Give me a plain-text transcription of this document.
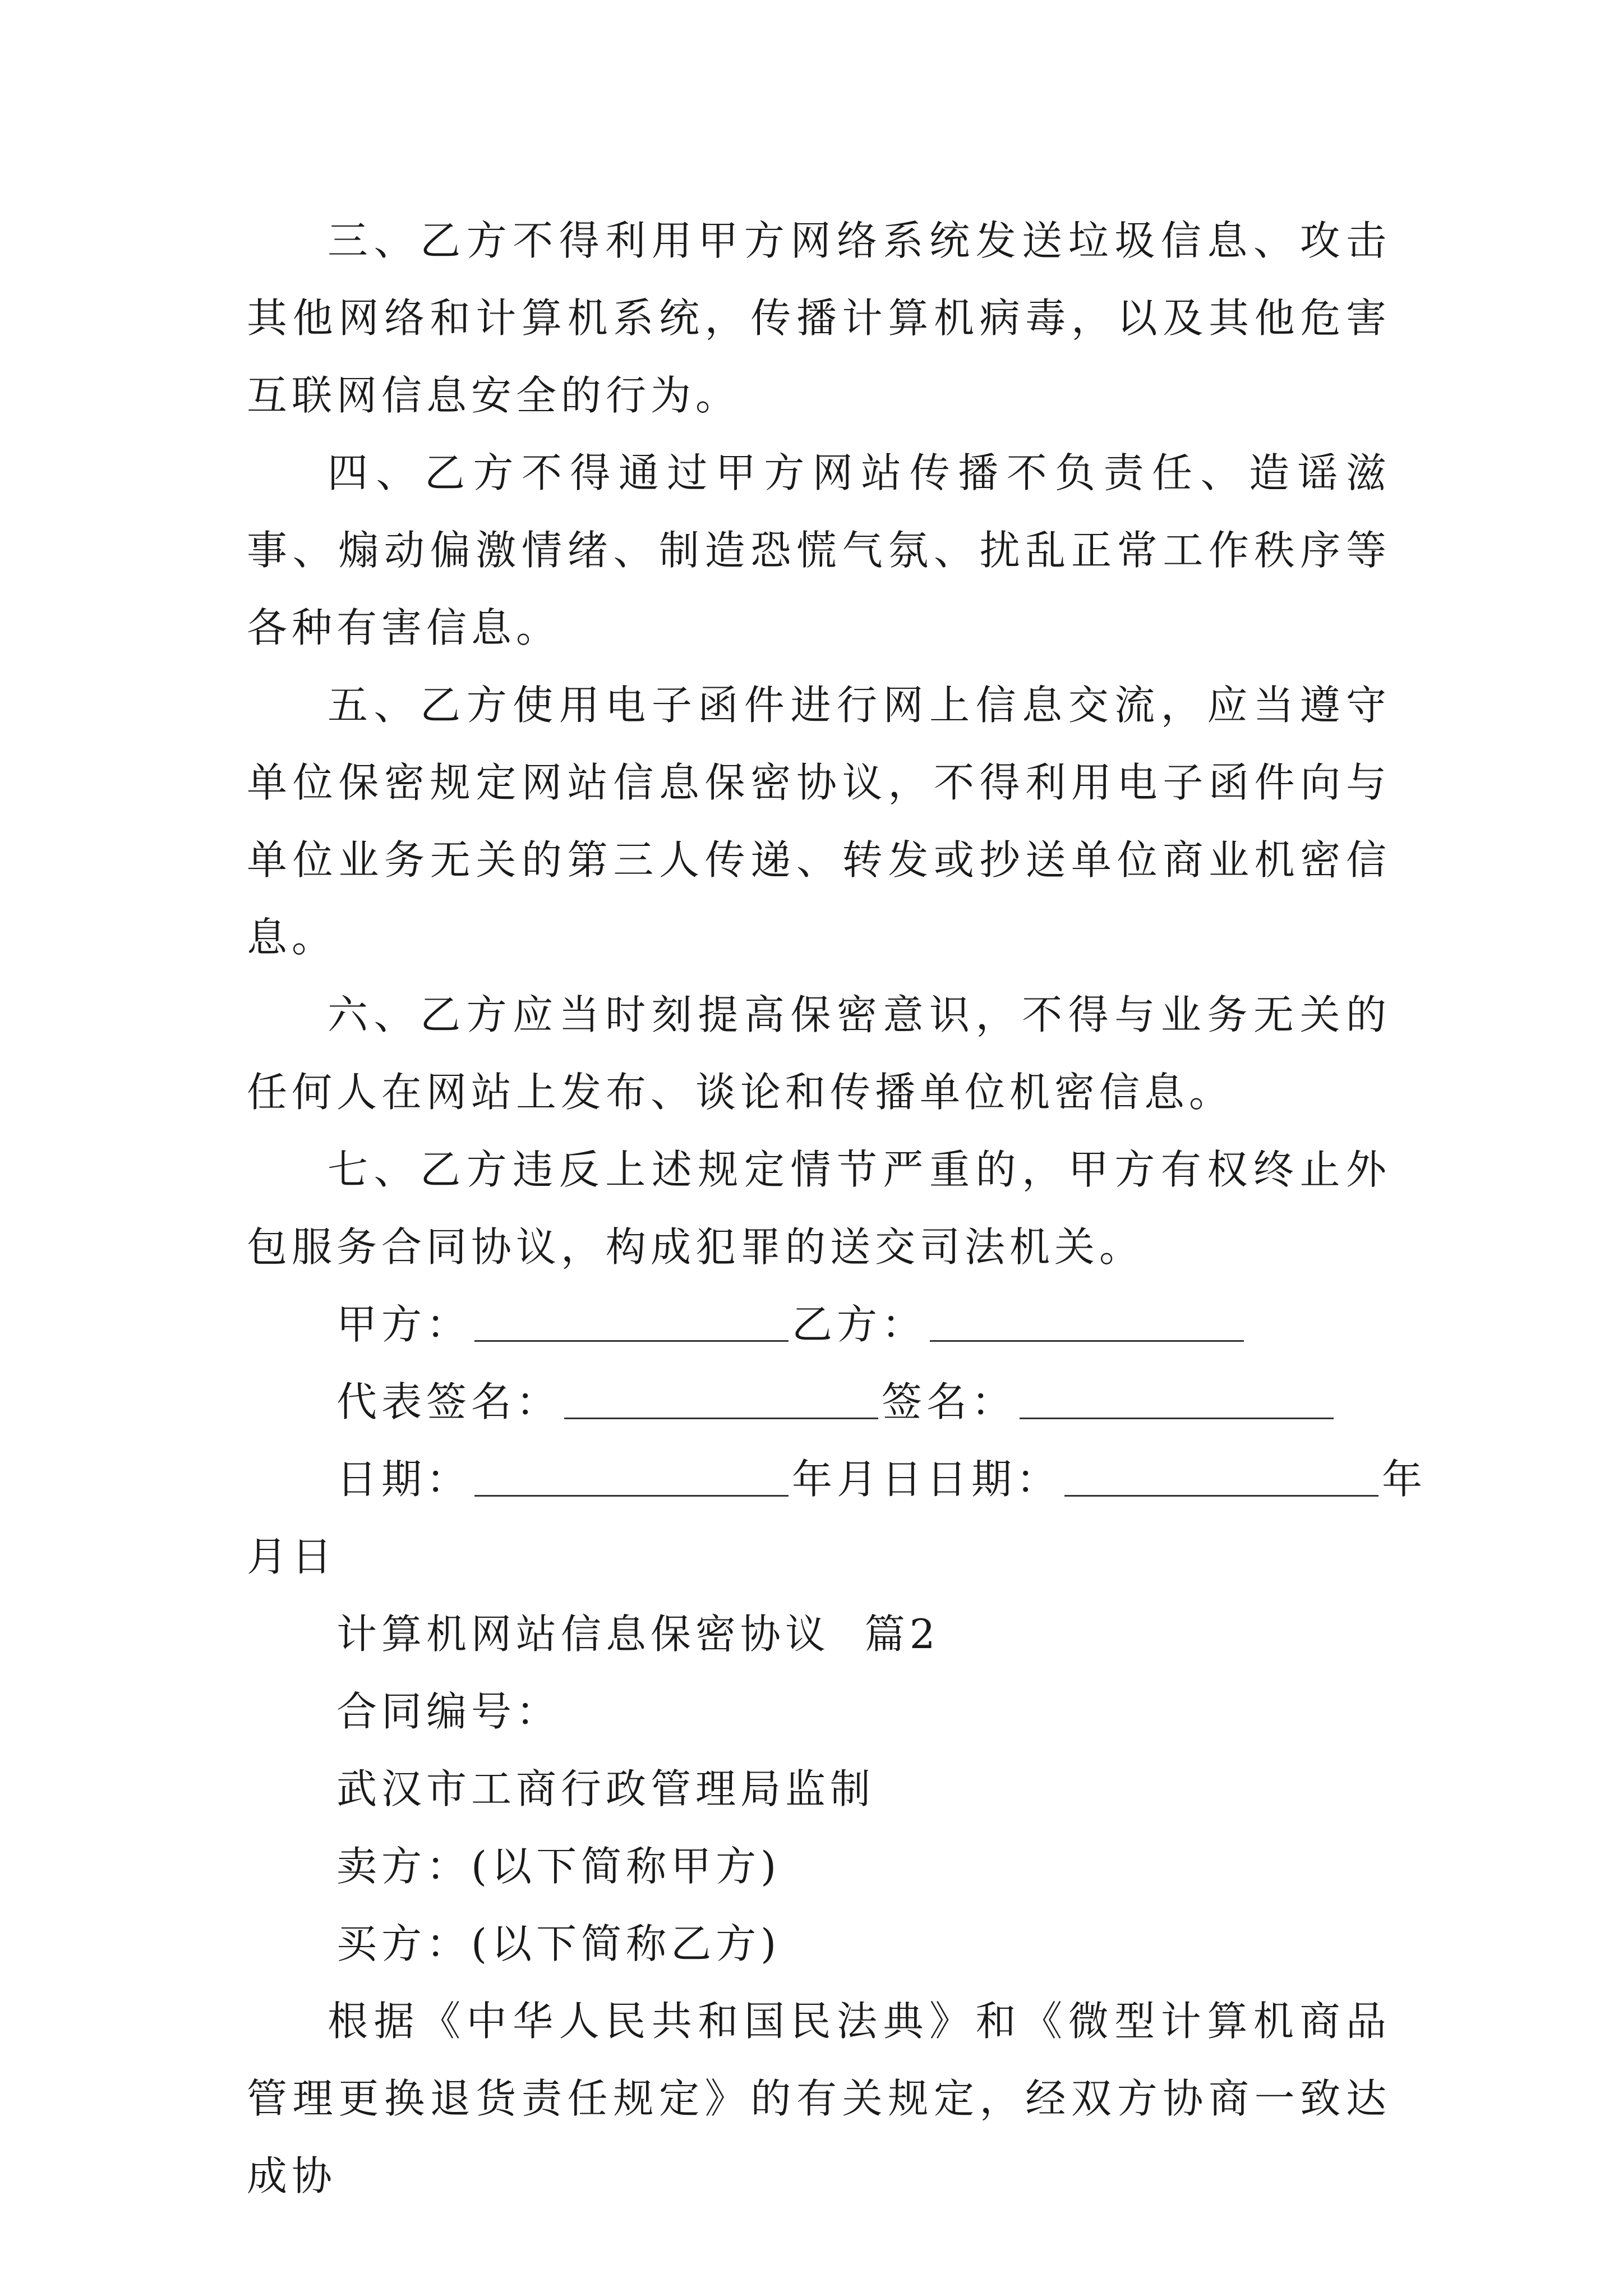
三、乙方不得利用甲方网络系统发送垃圾信息、攻击其他网络和计算机系统，传播计算机病毒，以及其他危害互联网信息安全的行为。

四、乙方不得通过甲方网站传播不负责任、造谣滋事、煽动偏激情绪、制造恐慌气氛、扰乱正常工作秩序等各种有害信息。

五、乙方使用电子函件进行网上信息交流，应当遵守单位保密规定网站信息保密协议，不得利用电子函件向与单位业务无关的第三人传递、转发或抄送单位商业机密信息。

六、乙方应当时刻提高保密意识，不得与业务无关的任何人在网站上发布、谈论和传播单位机密信息。

七、乙方违反上述规定情节严重的，甲方有权终止外包服务合同协议，构成犯罪的送交司法机关。

甲方：	乙方：

代表签名：	签名：

日期：	年月日日期：	年

月日

计算机网站信息保密协议  篇2

合同编号：

武汉市工商行政管理局监制

卖方：(以下简称甲方)

买方：(以下简称乙方)

根据《中华人民共和国民法典》和《微型计算机商品管理更换退货责任规定》的有关规定，经双方协商一致达成协
